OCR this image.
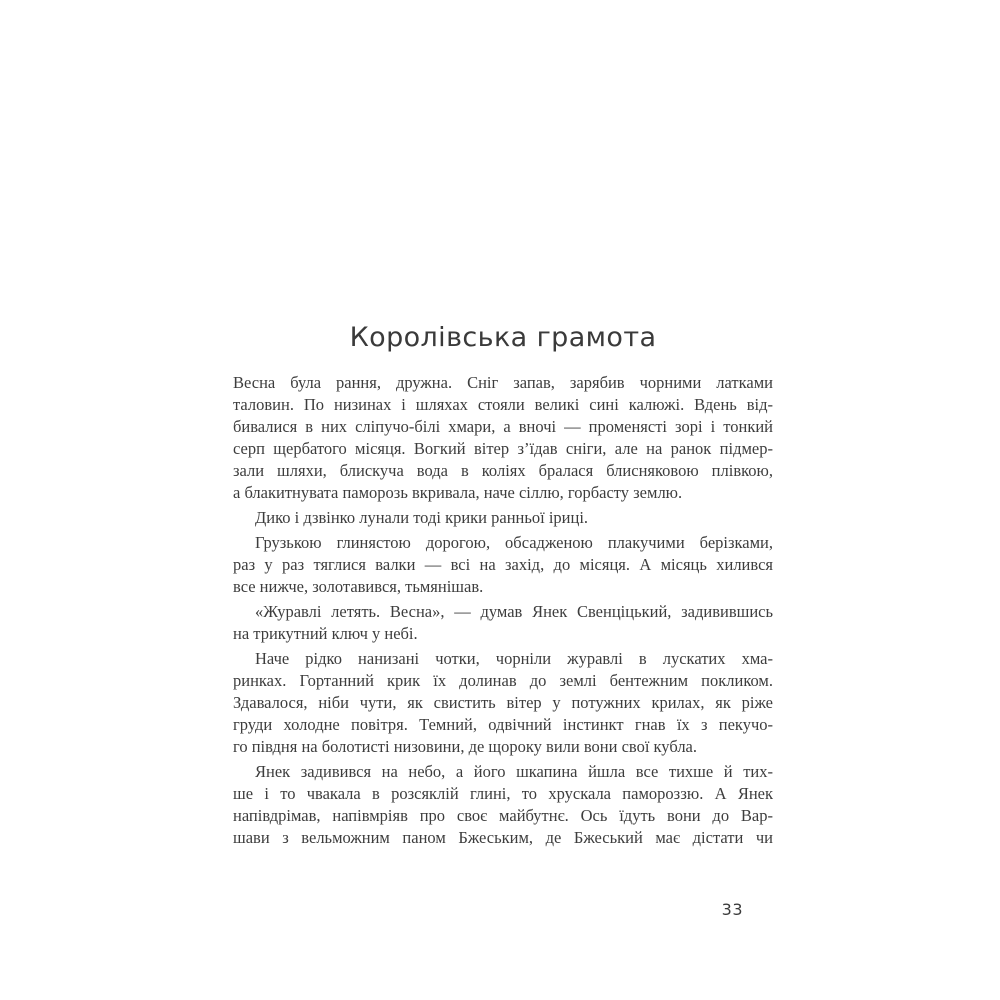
Королівська грамота
Весна була рання, дружна. Сніг запав, зарябив чорними латками
таловин. По низинах і шляхах стояли великі сині калюжі. Вдень від-
бивалися в них сліпучо-білі хмари, а вночі — променясті зорі і тонкий
серп щербатого місяця. Вогкий вітер з’їдав сніги, але на ранок підмер-
зали шляхи, блискуча вода в коліях бралася блисняковою плівкою,
а блакитнувата паморозь вкривала, наче сіллю, горбасту землю.
Дико і дзвінко лунали тоді крики ранньої іриці.
Грузькою глинястою дорогою, обсадженою плакучими берізками,
раз у раз тяглися валки — всі на захід, до місяця. А місяць хилився
все нижче, золотавився, тьмянішав.
«Журавлі летять. Весна», — думав Янек Свенціцький, задивившись
на трикутний ключ у небі.
Наче рідко нанизані чотки, чорніли журавлі в лускатих хма-
ринках. Гортанний крик їх долинав до землі бентежним покликом.
Здавалося, ніби чути, як свистить вітер у потужних крилах, як ріже
груди холодне повітря. Темний, одвічний інстинкт гнав їх з пекучо-
го півдня на болотисті низовини, де щороку вили вони свої кубла.
Янек задивився на небо, а його шкапина йшла все тихше й тих-
ше і то чвакала в розсяклій глині, то хрускала памороззю. А Янек
напівдрімав, напівмріяв про своє майбутнє. Ось їдуть вони до Вар-
шави з вельможним паном Бжеським, де Бжеський має дістати чи
33
